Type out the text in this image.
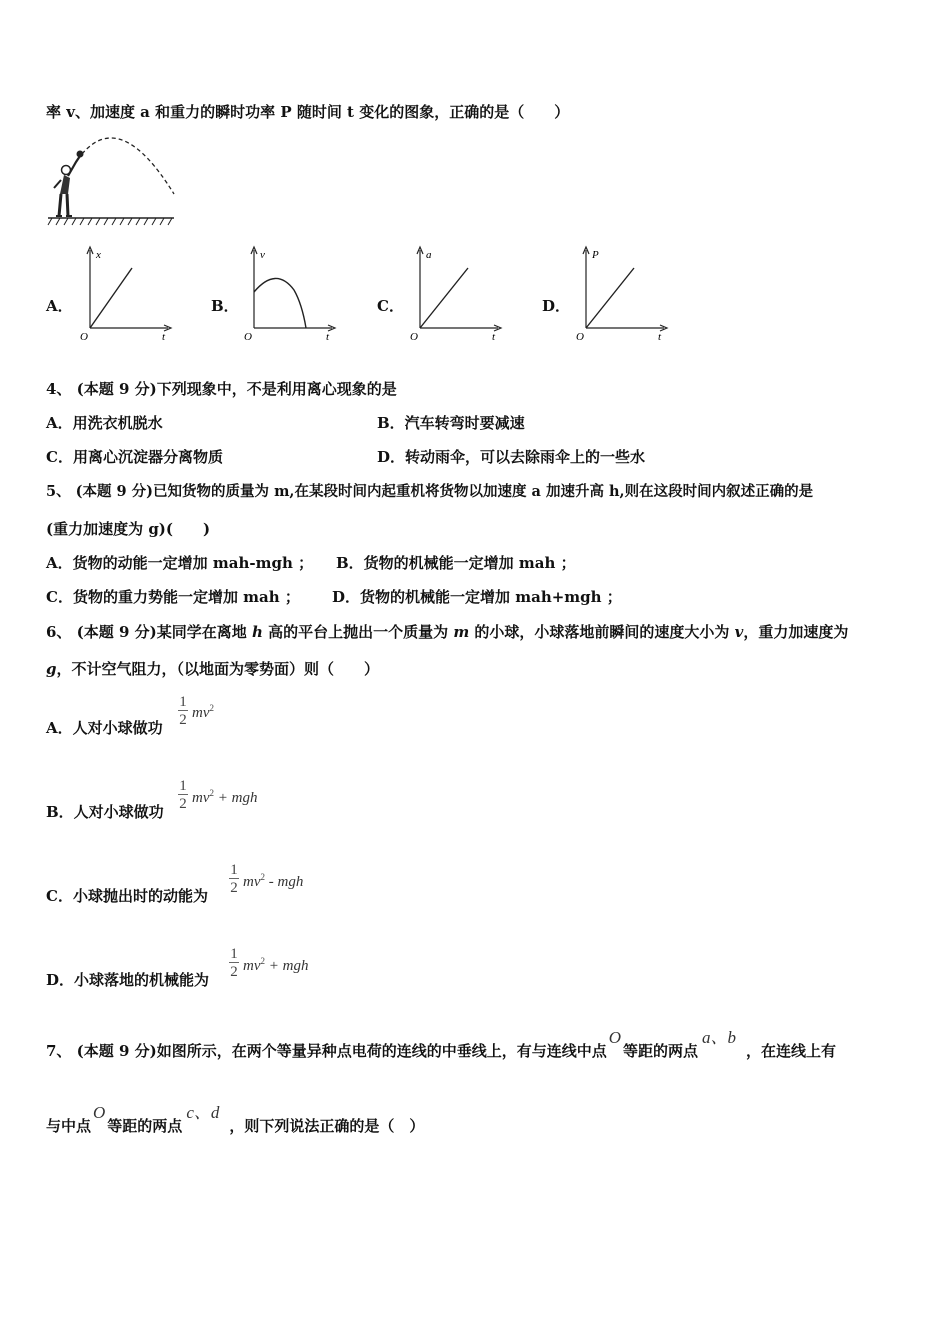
率 v、加速度 a 和重力的瞬时功率 P 随时间 t 变化的图象，正确的是（　　）
A．
x
O	t
B．
v
O	t
C．
a
O	t
D．
P
O	t
4、 (本题 9 分)下列现象中，不是利用离心现象的是
A．用洗衣机脱水	B．汽车转弯时要减速
C．用离心沉淀器分离物质	D．转动雨伞，可以去除雨伞上的一些水
5、 (本题 9 分)已知货物的质量为 m,在某段时间内起重机将货物以加速度 a 加速升高 h,则在这段时间内叙述正确的是
(重力加速度为 g)(　　)
A．货物的动能一定增加 mah-mgh ； B．货物的机械能一定增加 mah ；
C．货物的重力势能一定增加 mah ； D．货物的机械能一定增加 mah+mgh ；
6、 (本题 9 分)某同学在离地 h 高的平台上抛出一个质量为 m 的小球，小球落地前瞬间的速度大小为 v，重力加速度为
g，不计空气阻力，（以地面为零势面）则（　　）
A．人对小球做功
1
2 $mv^2$
B．人对小球做功
1
2 $mv^2$ + mgh
C．小球抛出时的动能为
1
2 $mv^2$ - mgh
D．小球落地的机械能为
1
2 $mv^2$ + mgh
7、 (本题 9 分)如图所示，在两个等量异种点电荷的连线的中垂线上，有与连线中点O等距的两点a、b，在连线上有
与中点O等距的两点c、d，则下列说法正确的是（　）
